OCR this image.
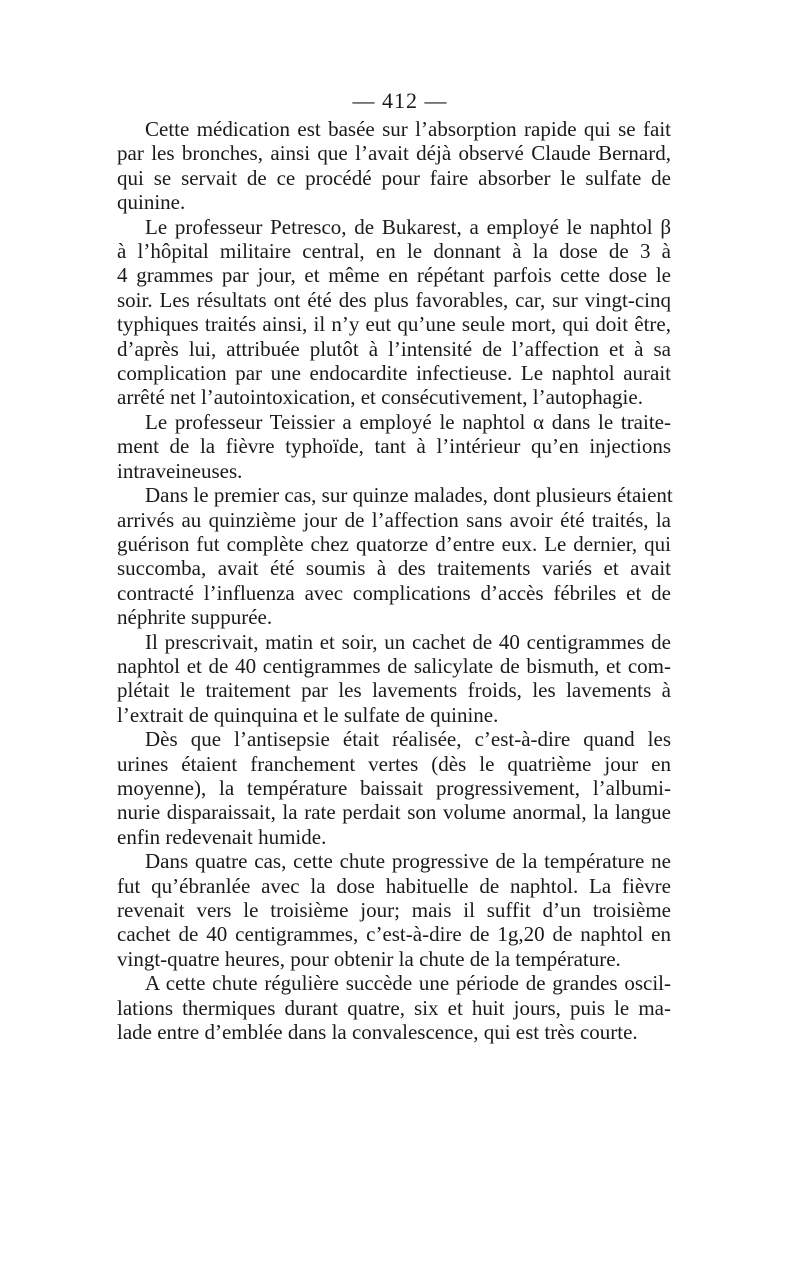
— 412 —

Cette médication est basée sur l’absorption rapide qui se fait
par les bronches, ainsi que l’avait déjà observé Claude Bernard,
qui se servait de ce procédé pour faire absorber le sulfate de
quinine.

Le professeur Petresco, de Bukarest, a employé le naphtol β
à l’hôpital militaire central, en le donnant à la dose de 3 à
4 grammes par jour, et même en répétant parfois cette dose le
soir. Les résultats ont été des plus favorables, car, sur vingt-cinq
typhiques traités ainsi, il n’y eut qu’une seule mort, qui doit être,
d’après lui, attribuée plutôt à l’intensité de l’affection et à sa
complication par une endocardite infectieuse. Le naphtol aurait
arrêté net l’autointoxication, et consécutivement, l’autophagie.

Le professeur Teissier a employé le naphtol α dans le traite-
ment de la fièvre typhoïde, tant à l’intérieur qu’en injections
intraveineuses.

Dans le premier cas, sur quinze malades, dont plusieurs étaient
arrivés au quinzième jour de l’affection sans avoir été traités, la
guérison fut complète chez quatorze d’entre eux. Le dernier, qui
succomba, avait été soumis à des traitements variés et avait
contracté l’influenza avec complications d’accès fébriles et de
néphrite suppurée.

Il prescrivait, matin et soir, un cachet de 40 centigrammes de
naphtol et de 40 centigrammes de salicylate de bismuth, et com-
plétait le traitement par les lavements froids, les lavements à
l’extrait de quinquina et le sulfate de quinine.

Dès que l’antisepsie était réalisée, c’est-à-dire quand les
urines étaient franchement vertes (dès le quatrième jour en
moyenne), la température baissait progressivement, l’albumi-
nurie disparaissait, la rate perdait son volume anormal, la langue
enfin redevenait humide.

Dans quatre cas, cette chute progressive de la température ne
fut qu’ébranlée avec la dose habituelle de naphtol. La fièvre
revenait vers le troisième jour; mais il suffit d’un troisième
cachet de 40 centigrammes, c’est-à-dire de 1g,20 de naphtol en
vingt-quatre heures, pour obtenir la chute de la température.

A cette chute régulière succède une période de grandes oscil-
lations thermiques durant quatre, six et huit jours, puis le ma-
lade entre d’emblée dans la convalescence, qui est très courte.
